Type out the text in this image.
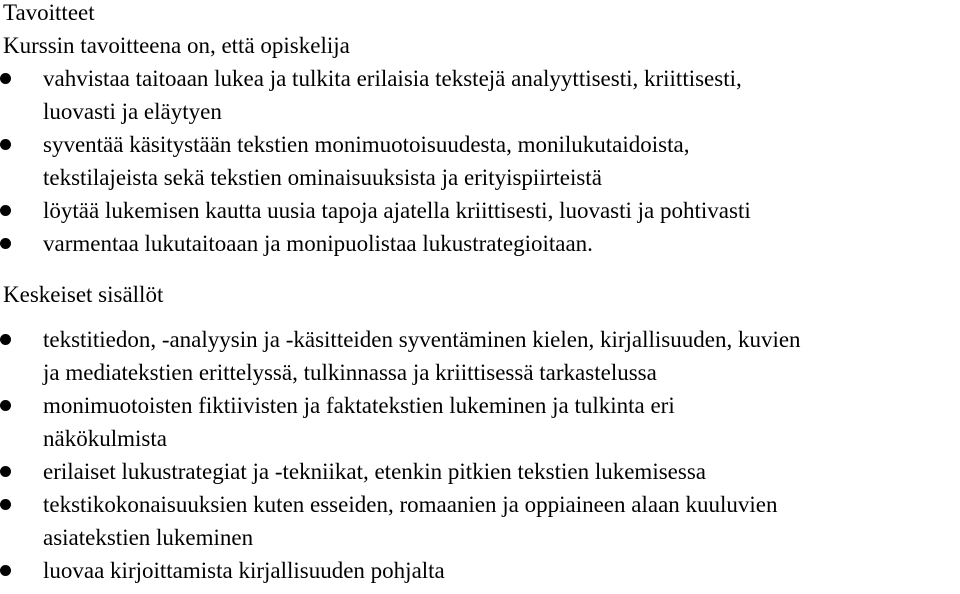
Tavoitteet
Kurssin tavoitteena on, että opiskelija
vahvistaa taitoaan lukea ja tulkita erilaisia tekstejä analyyttisesti, kriittisesti,
luovasti ja eläytyen
syventää käsitystään tekstien monimuotoisuudesta, monilukutaidoista,
tekstilajeista sekä tekstien ominaisuuksista ja erityispiirteistä
löytää lukemisen kautta uusia tapoja ajatella kriittisesti, luovasti ja pohtivasti
varmentaa lukutaitoaan ja monipuolistaa lukustrategioitaan.
Keskeiset sisällöt
tekstitiedon, -analyysin ja -käsitteiden syventäminen kielen, kirjallisuuden, kuvien
ja mediatekstien erittelyssä, tulkinnassa ja kriittisessä tarkastelussa
monimuotoisten fiktiivisten ja faktatekstien lukeminen ja tulkinta eri
näkökulmista
erilaiset lukustrategiat ja -tekniikat, etenkin pitkien tekstien lukemisessa
tekstikokonaisuuksien kuten esseiden, romaanien ja oppiaineen alaan kuuluvien
asiatekstien lukeminen
luovaa kirjoittamista kirjallisuuden pohjalta
